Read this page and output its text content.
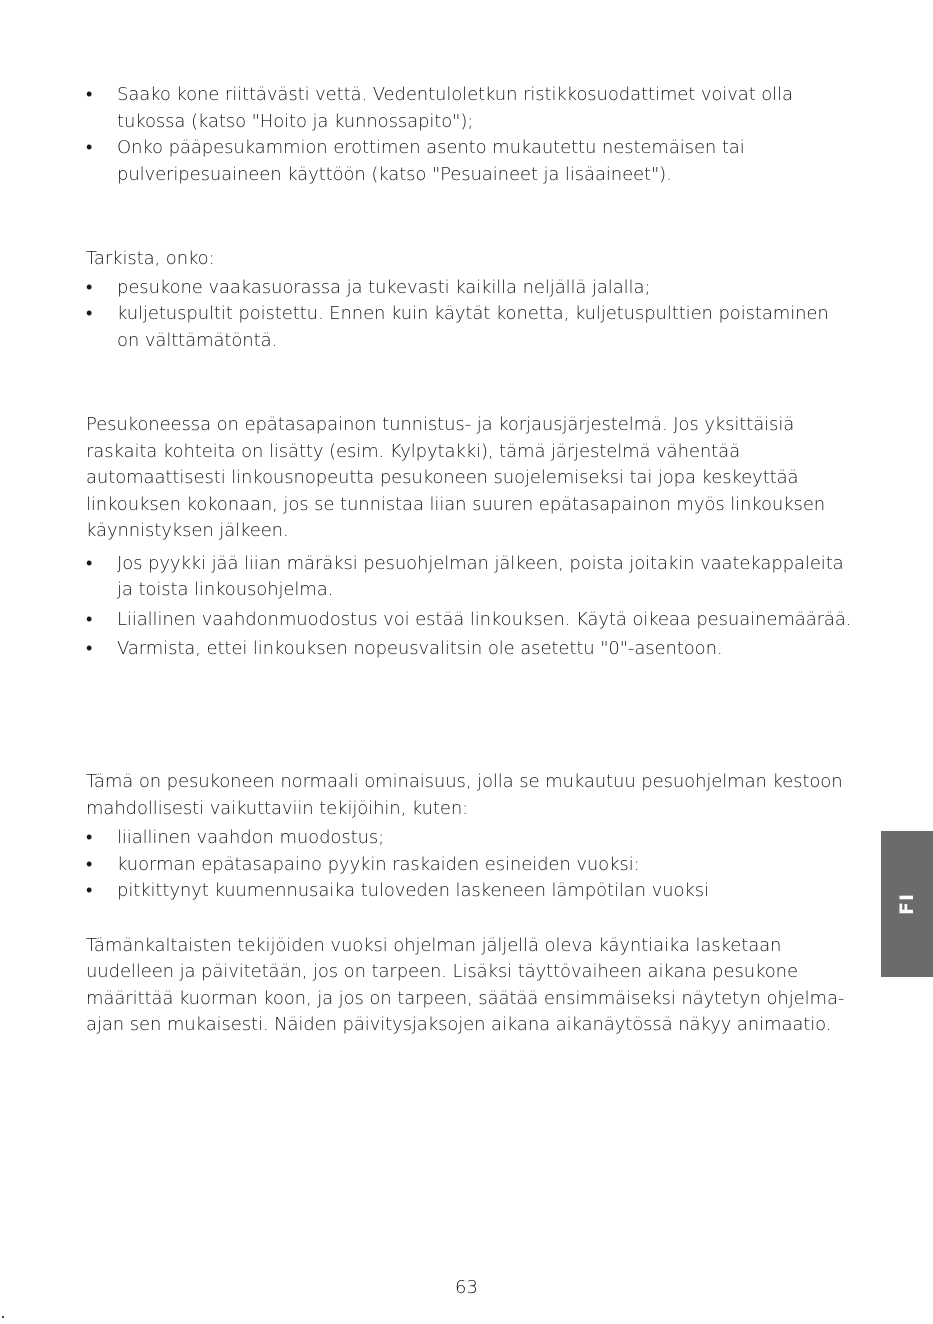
•	Saako kone riittävästi vettä. Vedentuloletkun ristikkosuodattimet voivat olla tukossa (katso "Hoito ja kunnossapito");
•	Onko pääpesukammion erottimen asento mukautettu nestemäisen tai pulveripesuaineen käyttöön (katso "Pesuaineet ja lisäaineet").

Tarkista, onko:

•	pesukone vaakasuorassa ja tukevasti kaikilla neljällä jalalla;
•	kuljetuspultit poistettu. Ennen kuin käytät konetta, kuljetuspulttien poistaminen on välttämätöntä.

Pesukoneessa on epätasapainon tunnistus- ja korjausjärjestelmä. Jos yksittäisiä raskaita kohteita on lisätty (esim. Kylpytakki), tämä järjestelmä vähentää automaattisesti linkousnopeutta pesukoneen suojelemiseksi tai jopa keskeyttää linkouksen kokonaan, jos se tunnistaa liian suuren epätasapainon myös linkouksen käynnistyksen jälkeen.

•	Jos pyykki jää liian märäksi pesuohjelman jälkeen, poista joitakin vaatekappaleita ja toista linkousohjelma.
•	Liiallinen vaahdonmuodostus voi estää linkouksen. Käytä oikeaa pesuainemäärää.
•	Varmista, ettei linkouksen nopeusvalitsin ole asetettu "0"-asentoon.

Tämä on pesukoneen normaali ominaisuus, jolla se mukautuu pesuohjelman kestoon mahdollisesti vaikuttaviin tekijöihin, kuten:

•	liiallinen vaahdon muodostus;
•	kuorman epätasapaino pyykin raskaiden esineiden vuoksi:
•	pitkittynyt kuumennusaika tuloveden laskeneen lämpötilan vuoksi

Tämänkaltaisten tekijöiden vuoksi ohjelman jäljellä oleva käyntiaika lasketaan uudelleen ja päivitetään, jos on tarpeen. Lisäksi täyttövaiheen aikana pesukone määrittää kuorman koon, ja jos on tarpeen, säätää ensimmäiseksi näytetyn ohjelma-ajan sen mukaisesti. Näiden päivitysjaksojen aikana aikanäytössä näkyy animaatio.

FI
63
